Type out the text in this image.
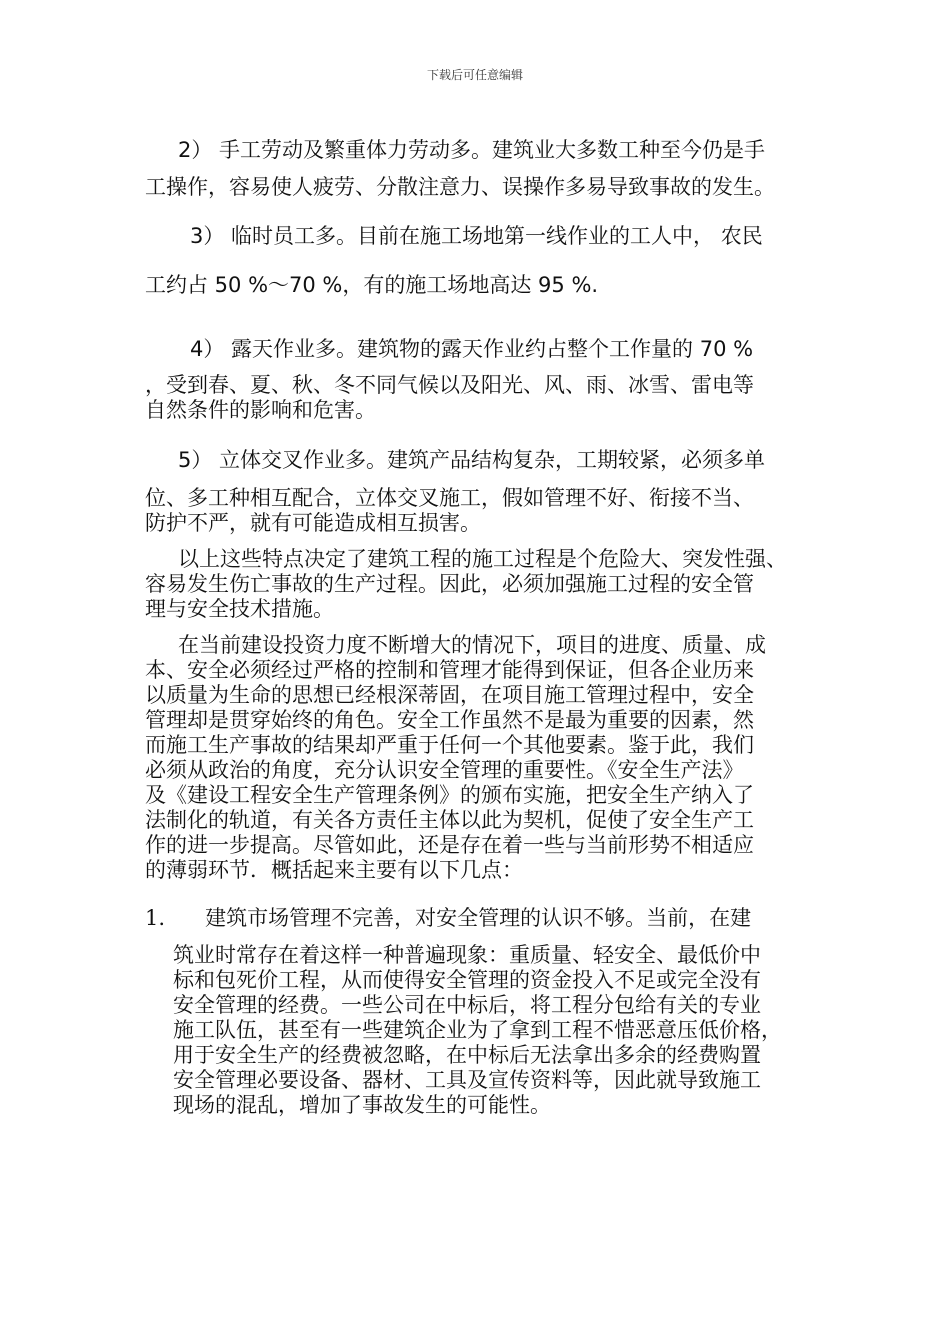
下载后可任意编辑
2） 手工劳动及繁重体力劳动多。建筑业大多数工种至今仍是手
工操作，容易使人疲劳、分散注意力、误操作多易导致事故的发生。
3） 临时员工多。目前在施工场地第一线作业的工人中， 农民
工约占 50 %～70 %，有的施工场地高达 95 %.
4） 露天作业多。建筑物的露天作业约占整个工作量的 70 %
，受到春、夏、秋、冬不同气候以及阳光、风、雨、冰雪、雷电等
自然条件的影响和危害。
5） 立体交叉作业多。建筑产品结构复杂，工期较紧，必须多单
位、多工种相互配合，立体交叉施工，假如管理不好、衔接不当、
防护不严，就有可能造成相互损害。
以上这些特点决定了建筑工程的施工过程是个危险大、突发性强、
容易发生伤亡事故的生产过程。因此，必须加强施工过程的安全管
理与安全技术措施。
在当前建设投资力度不断增大的情况下，项目的进度、质量、成
本、安全必须经过严格的控制和管理才能得到保证，但各企业历来
以质量为生命的思想已经根深蒂固，在项目施工管理过程中，安全
管理却是贯穿始终的角色。安全工作虽然不是最为重要的因素，然
而施工生产事故的结果却严重于任何一个其他要素。鉴于此，我们
必须从政治的角度，充分认识安全管理的重要性。《安全生产法》
及《建设工程安全生产管理条例》的颁布实施，把安全生产纳入了
法制化的轨道，有关各方责任主体以此为契机，促使了安全生产工
作的进一步提高。尽管如此，还是存在着一些与当前形势不相适应
的薄弱环节．概括起来主要有以下几点：
1.      建筑市场管理不完善，对安全管理的认识不够。当前，在建
筑业时常存在着这样一种普遍现象：重质量、轻安全、最低价中
标和包死价工程，从而使得安全管理的资金投入不足或完全没有
安全管理的经费。一些公司在中标后，将工程分包给有关的专业
施工队伍，甚至有一些建筑企业为了拿到工程不惜恶意压低价格，
用于安全生产的经费被忽略，在中标后无法拿出多余的经费购置
安全管理必要设备、器材、工具及宣传资料等，因此就导致施工
现场的混乱，增加了事故发生的可能性。
